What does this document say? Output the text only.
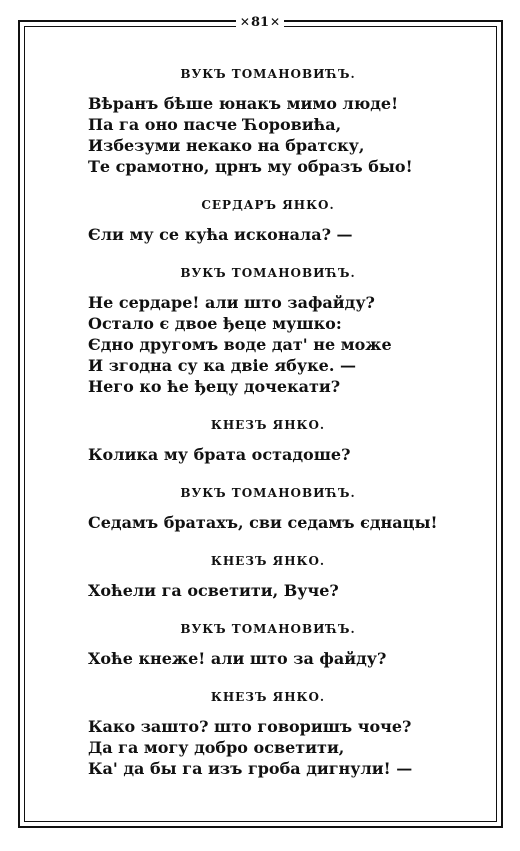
✕ 81 ✕
ВУКЪ ТОМАНОВИЋЪ.
Вѣранъ бѣше юнакъ мимо люде!
Па га оно пасче Ћоровића,
Избезуми некако на братску,
Те срамотно, црнъ му образъ быо!
СЕРДАРЪ ЯНКО.
Єли му се кућа исконала? —
ВУКЪ ТОМАНОВИЋЪ.
Не сердаре! али што зафайду?
Остало є двое ђеце мушко:
Єдно другомъ воде дат' не може
И згодна су ка двіе ябуке. —
Него ко ће ђецу дочекати?
КНЕЗЪ ЯНКО.
Колика му брата остадоше?
ВУКЪ ТОМАНОВИЋЪ.
Седамъ братахъ, сви седамъ єднацы!
КНЕЗЪ ЯНКО.
Хоћели га осветити, Вуче?
ВУКЪ ТОМАНОВИЋЪ.
Хоће кнеже! али што за файду?
КНЕЗЪ ЯНКО.
Како зашто? што говоришъ чоче?
Да га могу добро осветити,
Ка' да бы га изъ гроба дигнули! —
